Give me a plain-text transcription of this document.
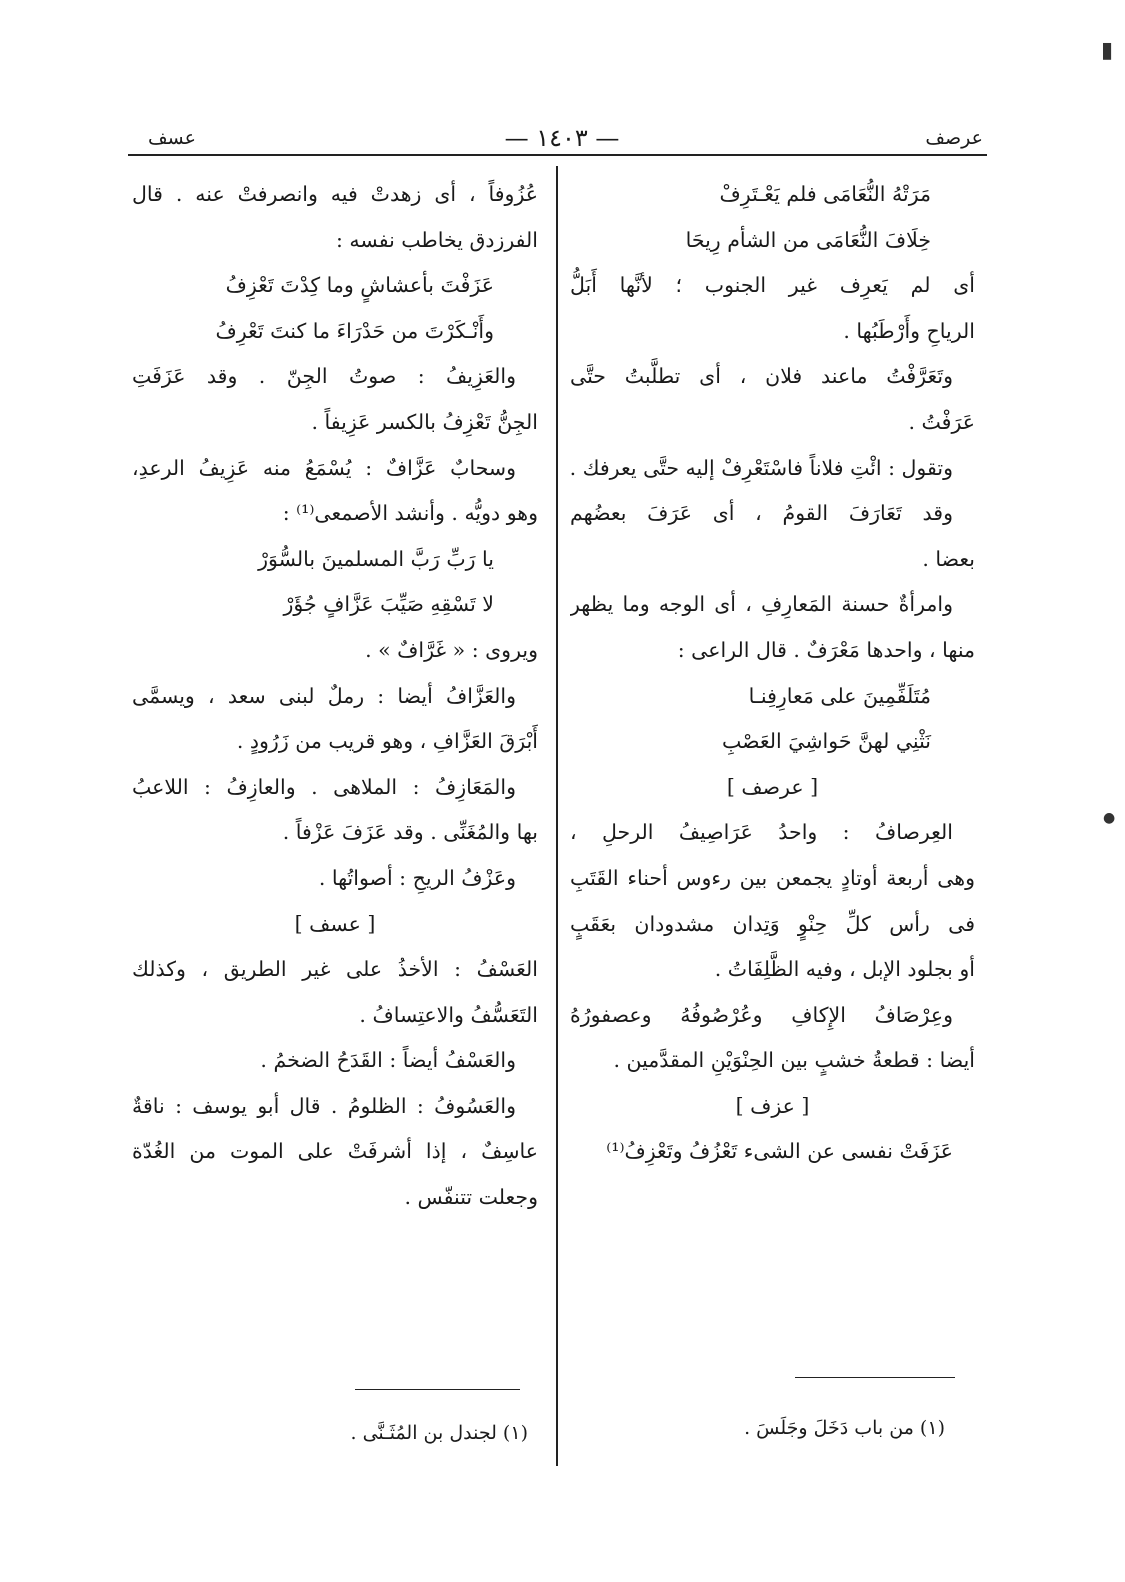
عرصف
— ١٤٠٣ —
عسف
مَرَتْهُ النُّعَامَى فلم يَعْـتَرِفْ
خِلَافَ النُّعَامَى من الشأم رِيحَا
أى لم يَعرِف غير الجنوب ؛ لأنَّها أَبَلُّ
الرياحِ وأَرْطَبُها .
وتَعَرَّفْتُ ماعند فلان ، أى تطلَّبتُ حتَّى
عَرَفْتُ .
وتقول : ائْتِ فلاناً فاسْتَعْرِفْ إليه حتَّى يعرفك .
وقد تَعَارَفَ القومُ ، أى عَرَفَ بعضُهم
بعضا .
وامرأةٌ حسنة المَعارِفِ ، أى الوجه وما يظهر
منها ، واحدها مَعْرَفٌ . قال الراعى :
مُتَلَفِّمِينَ على مَعارِفِنـا
نَثْنِي لهنَّ حَواشِيَ العَصْبِ
[ عرصف ]
العِرصافُ : واحدُ عَرَاصِيفُ الرحلِ ،
وهى أربعة أوتادٍ يجمعن بين رءوس أحناء القَتَبِ
فى رأس كلِّ حِنْوٍ وَتِدان مشدودان بعَقَبٍ
أو بجلود الإبل ، وفيه الظَّلِفَاتُ .
وعِرْصَافُ الإِكافِ وعُرْصُوفُهُ وعصفورُهُ
أيضا : قطعةُ خشبٍ بين الحِنْوَيْنِ المقدَّمين .
[ عزف ]
عَزَفَتْ نفسى عن الشىء تَعْزُفُ وتَعْزِفُ⁽¹⁾
عُزُوفاً ، أى زهدتْ فيه وانصرفتْ عنه . قال
الفرزدق يخاطب نفسه :
عَزَفْتَ بأعشاشٍ وما كِدْتَ تَعْزِفُ
وأَنْـكَرْتَ من حَدْرَاءَ ما كنتَ تَعْرِفُ
والعَزِيفُ : صوتُ الجِنّ . وقد عَزَفَتِ
الجِنُّ تَعْزِفُ بالكسر عَزِيفاً .
وسحابٌ عَزَّافٌ : يُسْمَعُ منه عَزِيفُ الرعدِ،
وهو دويُّه . وأنشد الأصمعى⁽¹⁾ :
يا رَبِّ رَبَّ المسلمينَ بالسُّوَرْ
لا تَسْقِهِ صَيِّبَ عَزَّافٍ جُؤَرْ
ويروى : « غَرَّافٌ » .
والعَزَّافُ أيضا : رملٌ لبنى سعد ، ويسمَّى
أَبْرَقَ العَزَّافِ ، وهو قريب من زَرُودٍ .
والمَعَازِفُ : الملاهى . والعازِفُ : اللاعبُ
بها والمُغَنِّى . وقد عَزَفَ عَزْفاً .
وعَزْفُ الريحِ : أصواتُها .
[ عسف ]
العَسْفُ : الأخذُ على غير الطريق ، وكذلك
التَعَسُّفُ والاعتِسافُ .
والعَسْفُ أيضاً : القَدَحُ الضخمُ .
والعَسُوفُ : الظلومُ . قال أبو يوسف : ناقةٌ
عاسِفٌ ، إذا أشرفَتْ على الموت من الغُدّة
وجعلت تتنفّس .
(١) من باب دَخَلَ وجَلَسَ .
(١) لجندل بن المُثَـنَّى .
▮
●
